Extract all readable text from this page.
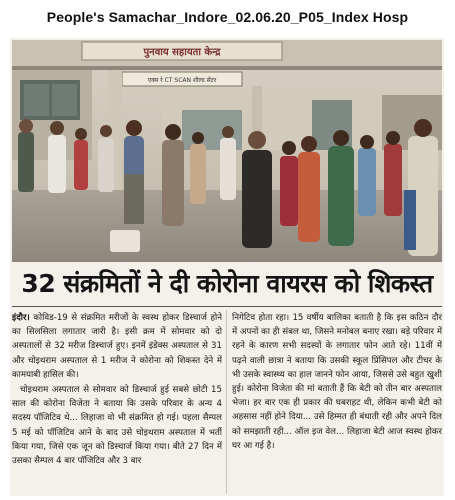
People's Samachar_Indore_02.06.20_P05_Index Hosp
पुनवाय सहायता केन्द्र
एक्स रे CT SCAN शील्ड सेंटर
32 संक्रमितों ने दी कोरोना वायरस को शिकस्त

इंदौर। कोविड-19 से संक्रमित मरीजों के स्वस्थ होकर डिस्चार्ज होने का सिलसिला लगातार जारी है। इसी क्रम में सोमवार को दो अस्पतालों से 32 मरीज डिस्चार्ज हुए। इनमें इंडेक्स अस्पताल से 31 और चोइथराम अस्पताल से 1 मरीज ने कोरोना को शिकस्त देने में कामयाबी हासिल की।

चोइथराम अस्पताल से सोमवार को डिस्चार्ज हुई सबसे छोटी 15 साल की कोरोना विजेता ने बताया कि उसके परिवार के अन्य 4 सदस्य पॉजिटिव थे... लिहाजा वो भी संक्रमित हो गई। पहला सैम्पल 5 मई को पॉजिटिव आने के बाद उसे चोइथराम अस्पताल में भर्ती किया गया, जिसे एक जून को डिस्चार्ज किया गया। बीते 27 दिन में उसका सैम्पल 4 बार पॉजिटिव और 3 बार

निगेटिव होता रहा। 15 वर्षीय बालिका बताती है कि इस कठिन दौर में अपनों का ही संबल था, जिसने मनोबल बनाए रखा। बड़े परिवार में रहने के कारण सभी सदस्यों के लगातार फोन आते रहे। 11वीं में पढ़ने वाली छात्रा ने बताया कि उसकी स्कूल प्रिंसिपल और टीचर के भी उसके स्वास्थ्य का हाल जानने फोन आया, जिससे उसे बहुत खुशी हुई। कोरोना विजेता की मां बताती हैं कि बेटी को तीन बार अस्पताल भेजा। हर बार एक ही प्रकार की घबराहट थी, लेकिन कभी बेटी को अहसास नहीं होने दिया... उसे हिम्मत ही बंधाती रही और अपने दिल को समझाती रही... ऑल इज वेल... लिहाजा बेटी आज स्वस्थ होकर घर आ गई है।
